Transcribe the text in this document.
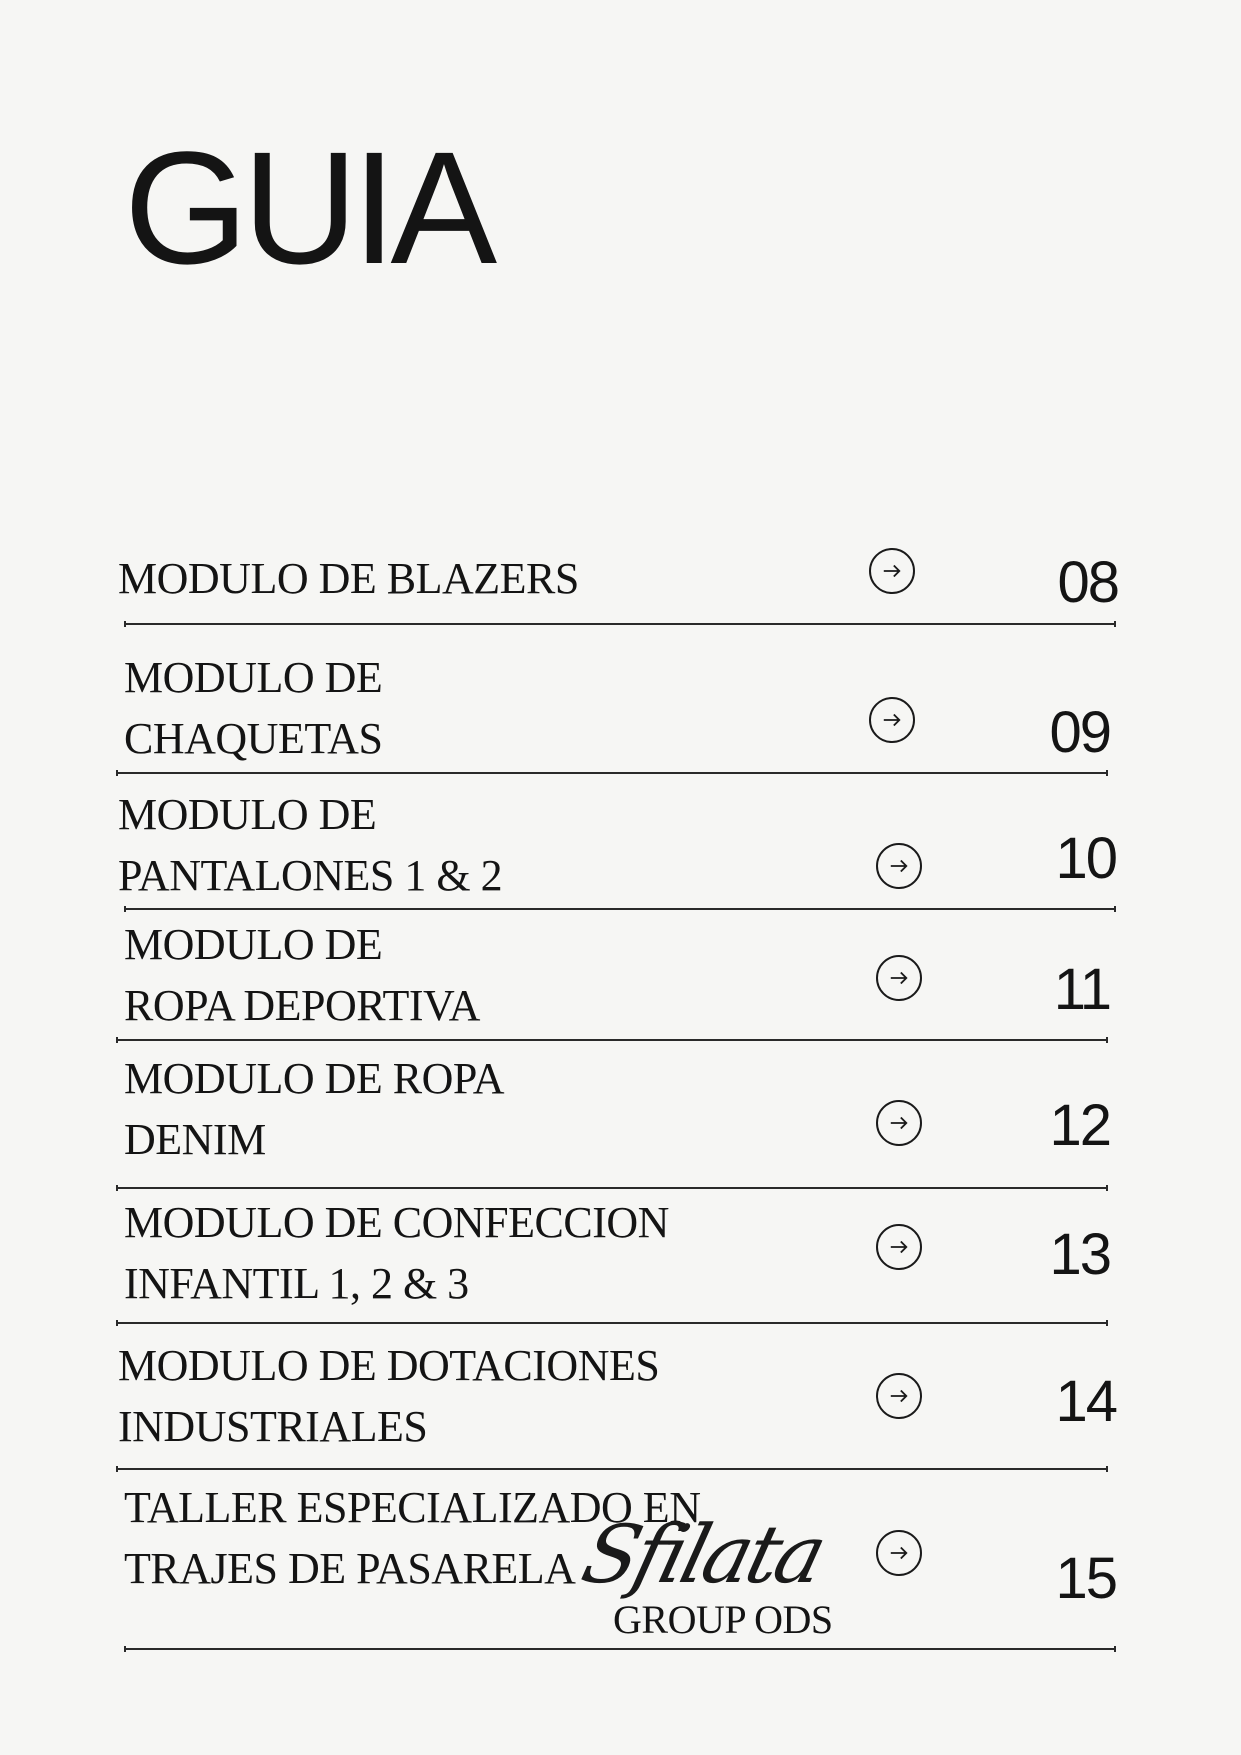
GUIA
MODULO DE BLAZERS	08
MODULO DE
CHAQUETAS	09
MODULO DE
PANTALONES 1 & 2	10
MODULO DE
ROPA DEPORTIVA	11
MODULO DE ROPA
DENIM	12
MODULO DE CONFECCION
INFANTIL 1, 2 & 3	13
MODULO DE DOTACIONES
INDUSTRIALES	14
TALLER ESPECIALIZADO EN
TRAJES DE PASARELA	15
Sfilata
GROUP ODS
